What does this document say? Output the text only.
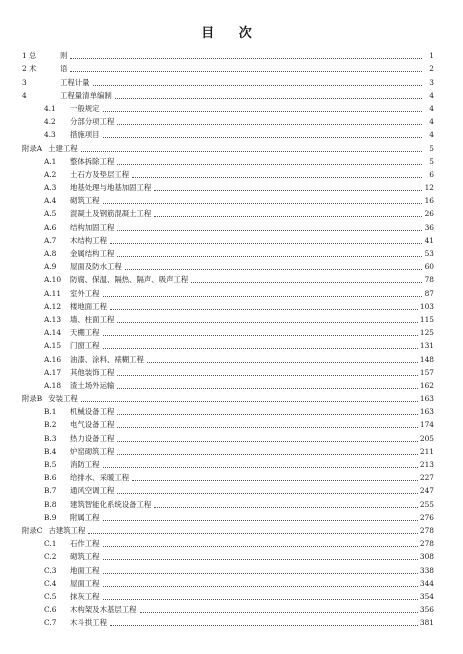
目 次
1 总	则	1
2 术	语	2
3	工程计量	3
4	工程量清单编制	4
4.1	一般规定	4
4.2	分部分项工程	4
4.3	措施项目	4
附录A 土建工程	5
A.1	整体拆除工程	5
A.2	土石方及垫层工程	6
A.3	地基处理与地基加固工程	12
A.4	砌筑工程	16
A.5	混凝土及钢筋混凝土工程	26
A.6	结构加固工程	36
A.7	木结构工程	41
A.8	金属结构工程	53
A.9	屋面及防水工程	60
A.10	防腐、保温、隔热、隔声、吸声工程	78
A.11	室外工程	87
A.12	楼地面工程	103
A.13	墙、柱面工程	115
A.14	天棚工程	125
A.15	门窗工程	131
A.16	油漆、涂料、裱糊工程	148
A.17	其他装饰工程	157
A.18	渣土场外运输	162
附录B 安装工程	163
B.1	机械设备工程	163
B.2	电气设备工程	174
B.3	热力设备工程	205
B.4	炉窑砌筑工程	211
B.5	消防工程	213
B.6	给排水、采暖工程	227
B.7	通风空调工程	247
B.8	建筑智能化系统设备工程	255
B.9	附属工程	276
附录C 古建筑工程	278
C.1	石作工程	278
C.2	砌筑工程	308
C.3	地面工程	338
C.4	屋面工程	344
C.5	抹灰工程	354
C.6	木构架及木基层工程	356
C.7	木斗拱工程	381
